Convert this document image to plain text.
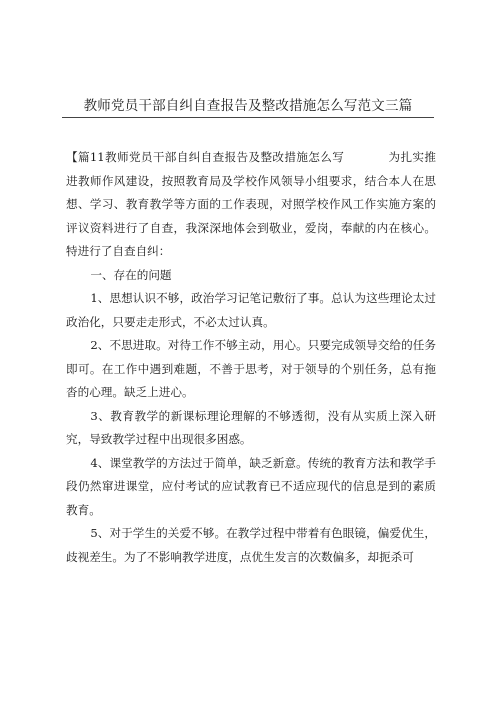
教师党员干部自纠自查报告及整改措施怎么写范文三篇

【篇11教师党员干部自纠自查报告及整改措施怎么写	为扎实推进教师作风建设，按照教育局及学校作风领导小组要求，结合本人在思想、学习、教育教学等方面的工作表现，对照学校作风工作实施方案的评议资料进行了自查，我深深地体会到敬业，爱岗，奉献的内在核心。特进行了自查自纠：

一、存在的问题

1、思想认识不够，政治学习记笔记敷衍了事。总认为这些理论太过政治化，只要走走形式，不必太过认真。

2、不思进取。对待工作不够主动，用心。只要完成领导交给的任务即可。在工作中遇到难题，不善于思考，对于领导的个别任务，总有拖沓的心理。缺乏上进心。

3、教育教学的新课标理论理解的不够透彻，没有从实质上深入研究，导致教学过程中出现很多困惑。

4、课堂教学的方法过于简单，缺乏新意。传统的教育方法和教学手段仍然窜进课堂，应付考试的应试教育已不适应现代的信息是到的素质教育。

5、对于学生的关爱不够。在教学过程中带着有色眼镜，偏爱优生，歧视差生。为了不影响教学进度，点优生发言的次数偏多，却扼杀可
